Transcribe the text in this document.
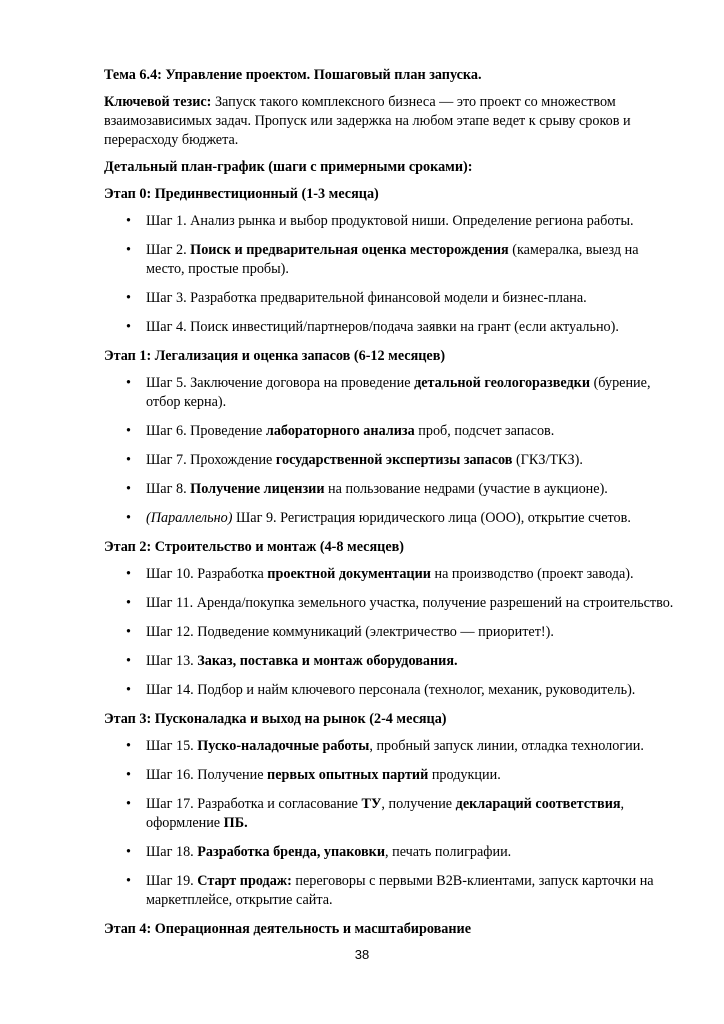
Тема 6.4: Управление проектом. Пошаговый план запуска.

Ключевой тезис: Запуск такого комплексного бизнеса — это проект со множеством взаимозависимых задач. Пропуск или задержка на любом этапе ведет к срыву сроков и перерасходу бюджета.

Детальный план-график (шаги с примерными сроками):

Этап 0: Прединвестиционный (1-3 месяца)

• Шаг 1. Анализ рынка и выбор продуктовой ниши. Определение региона работы.
• Шаг 2. Поиск и предварительная оценка месторождения (камералка, выезд на место, простые пробы).
• Шаг 3. Разработка предварительной финансовой модели и бизнес-плана.
• Шаг 4. Поиск инвестиций/партнеров/подача заявки на грант (если актуально).

Этап 1: Легализация и оценка запасов (6-12 месяцев)

• Шаг 5. Заключение договора на проведение детальной геологоразведки (бурение, отбор керна).
• Шаг 6. Проведение лабораторного анализа проб, подсчет запасов.
• Шаг 7. Прохождение государственной экспертизы запасов (ГКЗ/ТКЗ).
• Шаг 8. Получение лицензии на пользование недрами (участие в аукционе).
• (Параллельно) Шаг 9. Регистрация юридического лица (ООО), открытие счетов.

Этап 2: Строительство и монтаж (4-8 месяцев)

• Шаг 10. Разработка проектной документации на производство (проект завода).
• Шаг 11. Аренда/покупка земельного участка, получение разрешений на строительство.
• Шаг 12. Подведение коммуникаций (электричество — приоритет!).
• Шаг 13. Заказ, поставка и монтаж оборудования.
• Шаг 14. Подбор и найм ключевого персонала (технолог, механик, руководитель).

Этап 3: Пусконаладка и выход на рынок (2-4 месяца)

• Шаг 15. Пуско-наладочные работы, пробный запуск линии, отладка технологии.
• Шаг 16. Получение первых опытных партий продукции.
• Шаг 17. Разработка и согласование ТУ, получение деклараций соответствия, оформление ПБ.
• Шаг 18. Разработка бренда, упаковки, печать полиграфии.
• Шаг 19. Старт продаж: переговоры с первыми B2B-клиентами, запуск карточки на маркетплейсе, открытие сайта.

Этап 4: Операционная деятельность и масштабирование

38
